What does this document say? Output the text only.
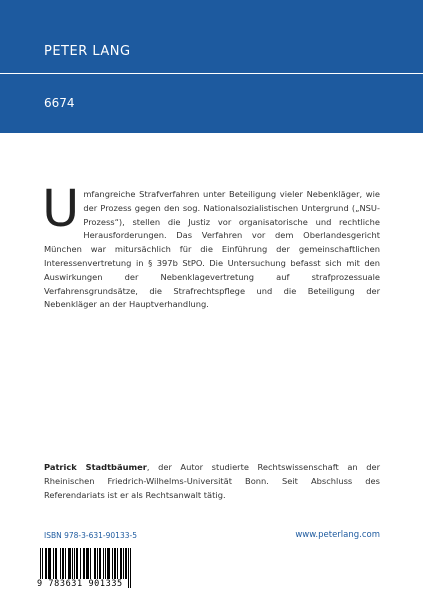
PETER LANG
6674
Umfangreiche Strafverfahren unter Beteiligung vieler Nebenkläger, wie der Prozess gegen den sog. Nationalsozialistischen Untergrund („NSU-Prozess“), stellen die Justiz vor organisatorische und rechtliche Herausforderungen. Das Verfahren vor dem Oberlandesgericht München war mitursächlich für die Einführung der gemeinschaftlichen Interessenvertretung in § 397b StPO. Die Untersuchung befasst sich mit den Auswirkungen der Nebenklagevertretung auf strafprozessuale Verfahrensgrundsätze, die Strafrechtspflege und die Beteiligung der Nebenkläger an der Hauptverhandlung.
Patrick Stadtbäumer, der Autor studierte Rechtswissenschaft an der Rheinischen Friedrich-Wilhelms-Universität Bonn. Seit Abschluss des Referendariats ist er als Rechtsanwalt tätig.
ISBN 978-3-631-90133-5	www.peterlang.com
9 783631 901335
